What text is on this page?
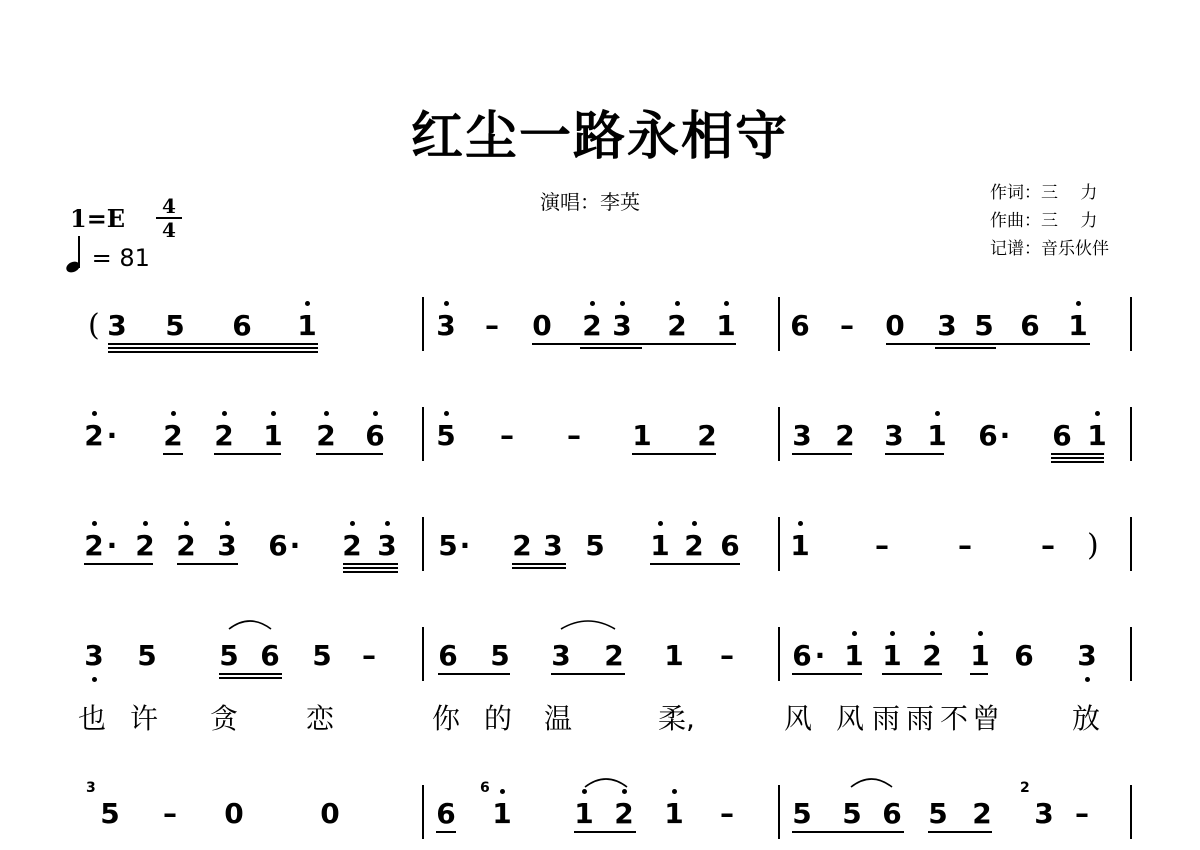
红尘一路永相守
演唱：李英	作词：三　 力
作曲：三　 力
记谱：音乐伙伴
1=E	4
4
= 81
( 3 5 6 1	3 – 0 2 3 2 1 6 – 0 3 5 6 1
2 · 2 2 1 2 6 5 – – 1 2	3 2 3 1 6 · 6 1
2 · 2 2 3 6 · 2 3 5 · 2 3 5 1 2 6 1 – – – )
3 5 5 6 5 – 6 5 3 2 1 – 6 · 1 1 2 1 6 3
也 许 贪 恋	你 的 温	柔,	风 风 雨 雨 不 曾	放
5 – 0	0	6 1 1 2 1 – 5 5 6 5 2 3 –
3	6	2
